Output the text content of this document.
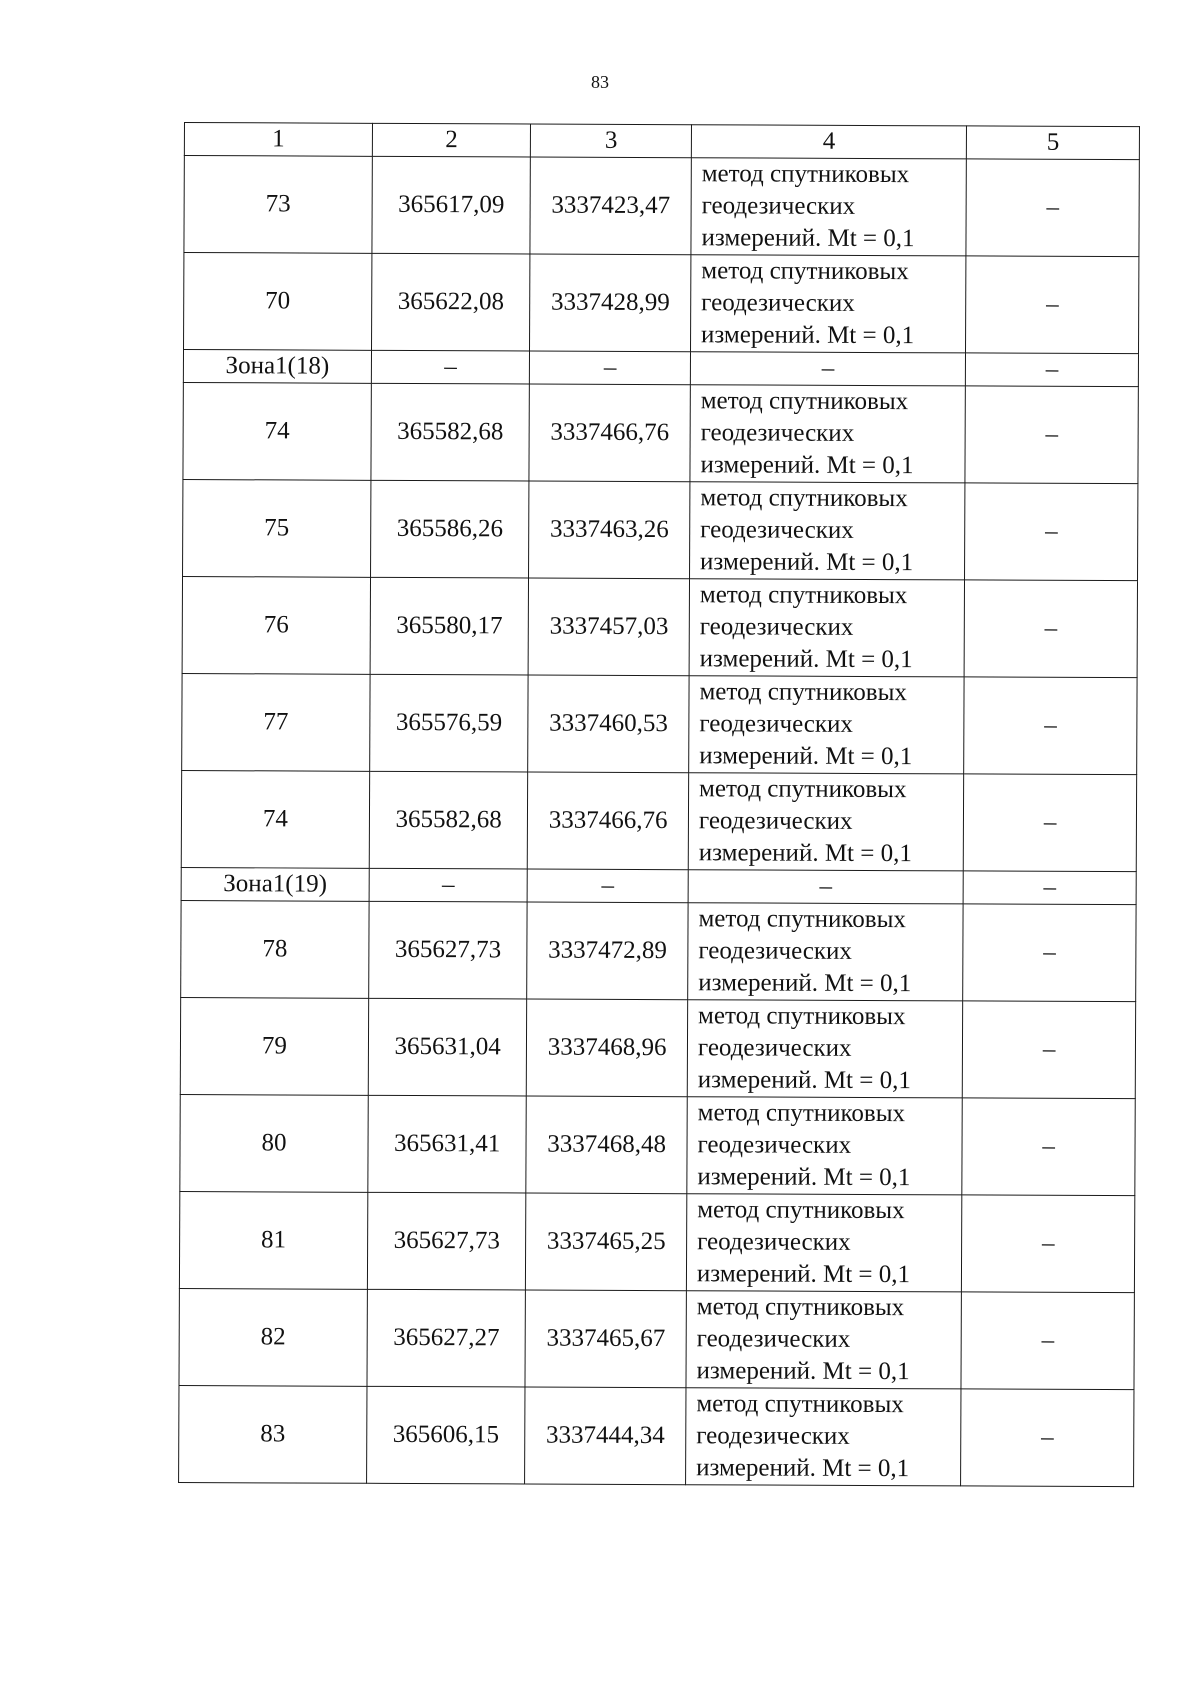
83
1	2	3	4	5
73	365617,09	3337423,47	метод спутниковых
геодезических
измерений. Mt = 0,1	–
70	365622,08	3337428,99	метод спутниковых
геодезических
измерений. Mt = 0,1	–
Зона1(18)	–	–	–	–
74	365582,68	3337466,76	метод спутниковых
геодезических
измерений. Mt = 0,1	–
75	365586,26	3337463,26	метод спутниковых
геодезических
измерений. Mt = 0,1	–
76	365580,17	3337457,03	метод спутниковых
геодезических
измерений. Mt = 0,1	–
77	365576,59	3337460,53	метод спутниковых
геодезических
измерений. Mt = 0,1	–
74	365582,68	3337466,76	метод спутниковых
геодезических
измерений. Mt = 0,1	–
Зона1(19)	–	–	–	–
78	365627,73	3337472,89	метод спутниковых
геодезических
измерений. Mt = 0,1	–
79	365631,04	3337468,96	метод спутниковых
геодезических
измерений. Mt = 0,1	–
80	365631,41	3337468,48	метод спутниковых
геодезических
измерений. Mt = 0,1	–
81	365627,73	3337465,25	метод спутниковых
геодезических
измерений. Mt = 0,1	–
82	365627,27	3337465,67	метод спутниковых
геодезических
измерений. Mt = 0,1	–
83	365606,15	3337444,34	метод спутниковых
геодезических
измерений. Mt = 0,1	–
